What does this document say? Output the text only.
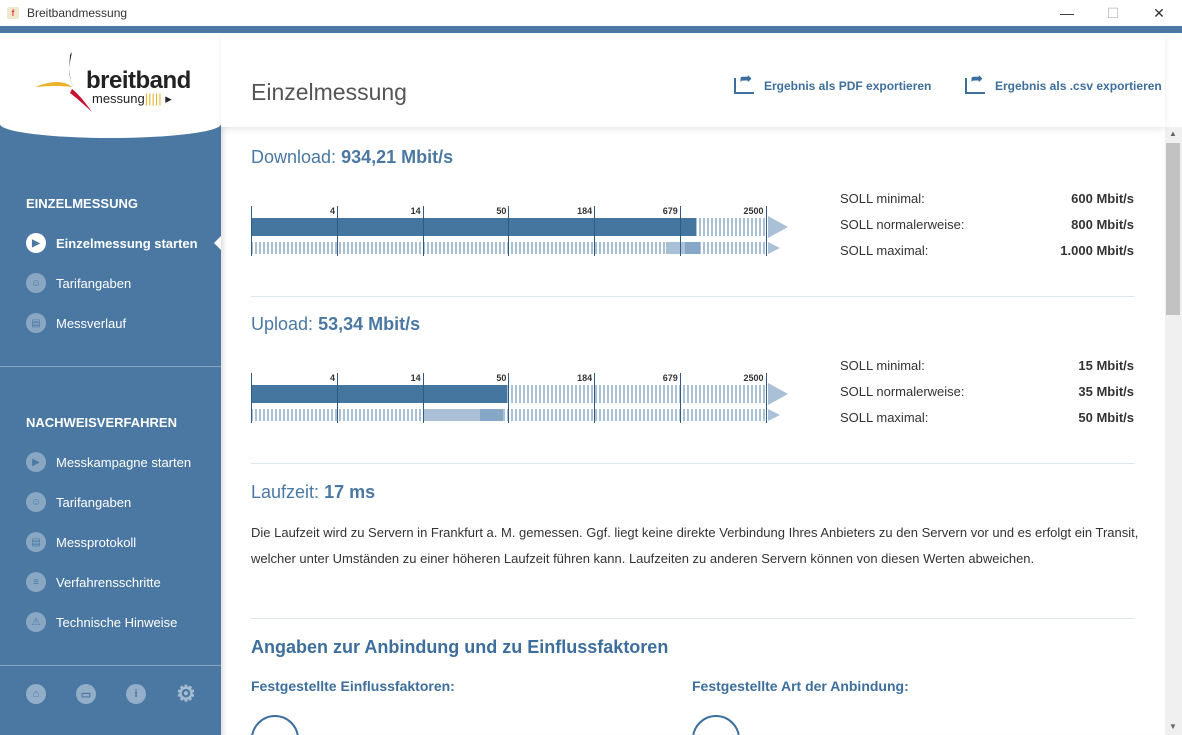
f	Breitbandmessung	—	☐	✕
breitband
messung||||| ▸
EINZELMESSUNG
▶	Einzelmessung starten
☺	Tarifangaben
▤	Messverlauf
NACHWEISVERFAHREN
▶	Messkampagne starten
☺	Tarifangaben
▤	Messprotokoll
≡	Verfahrensschritte
⚠	Technische Hinweise
⌂	▭	i	⚙
Einzelmessung ➦	Ergebnis als PDF exportieren ➦	Ergebnis als .csv exportieren
Download: 934,21 Mbit/s
4	14	50	184	679	2500
SOLL minimal:	600 Mbit/s
SOLL normalerweise:	800 Mbit/s
SOLL maximal:	1.000 Mbit/s
Upload: 53,34 Mbit/s
4	14	50	184	679	2500
SOLL minimal:	15 Mbit/s
SOLL normalerweise:	35 Mbit/s
SOLL maximal:	50 Mbit/s
Laufzeit: 17 ms

Die Laufzeit wird zu Servern in Frankfurt a. M. gemessen. Ggf. liegt keine direkte Verbindung Ihres Anbieters zu den Servern vor und es erfolgt ein Transit, welcher unter Umständen zu einer höheren Laufzeit führen kann. Laufzeiten zu anderen Servern können von diesen Werten abweichen.

Angaben zur Anbindung und zu Einflussfaktoren
Festgestellte Einflussfaktoren:	Festgestellte Art der Anbindung:
▲
▼
